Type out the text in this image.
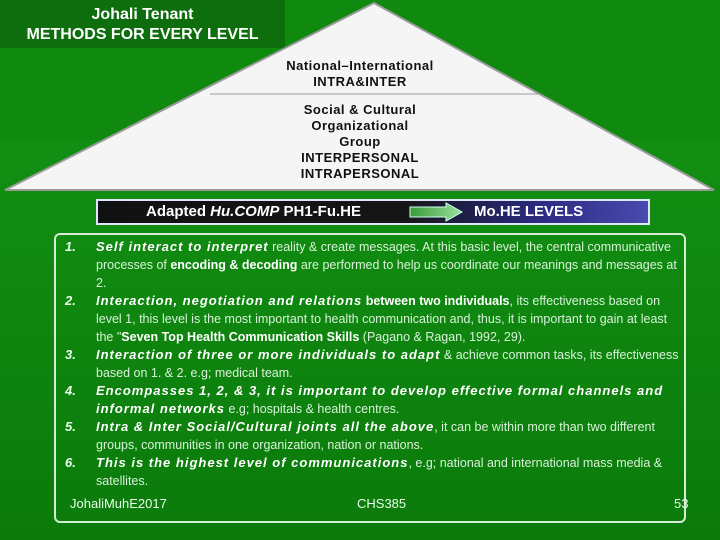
Johali Tenant
METHODS FOR EVERY LEVEL
National–International
INTRA&INTER
Social & Cultural
Organizational
Group
INTERPERSONAL
INTRAPERSONAL
Adapted Hu.COMP PH1-Fu.HE	Mo.HE LEVELS
1. Self interact to interpret reality & create messages. At this basic level, the central communicative processes of encoding & decoding are performed to help us coordinate our meanings and messages at 2.
2. Interaction, negotiation and relations between two individuals, its effectiveness based on level 1, this level is the most important to health communication and, thus, it is important to gain at least the "Seven Top Health Communication Skills (Pagano & Ragan, 1992, 29).
3. Interaction of three or more individuals to adapt & achieve common tasks, its effectiveness based on 1. & 2. e.g; medical team.
4. Encompasses 1, 2, & 3, it is important to develop effective formal channels and informal networks e.g; hospitals & health centres.
5. Intra & Inter Social/Cultural joints all the above, it can be within more than two different groups, communities in one organization, nation or nations.
6. This is the highest level of communications, e.g; national and international mass media & satellites.
JohaliMuhE2017	CHS385	53
